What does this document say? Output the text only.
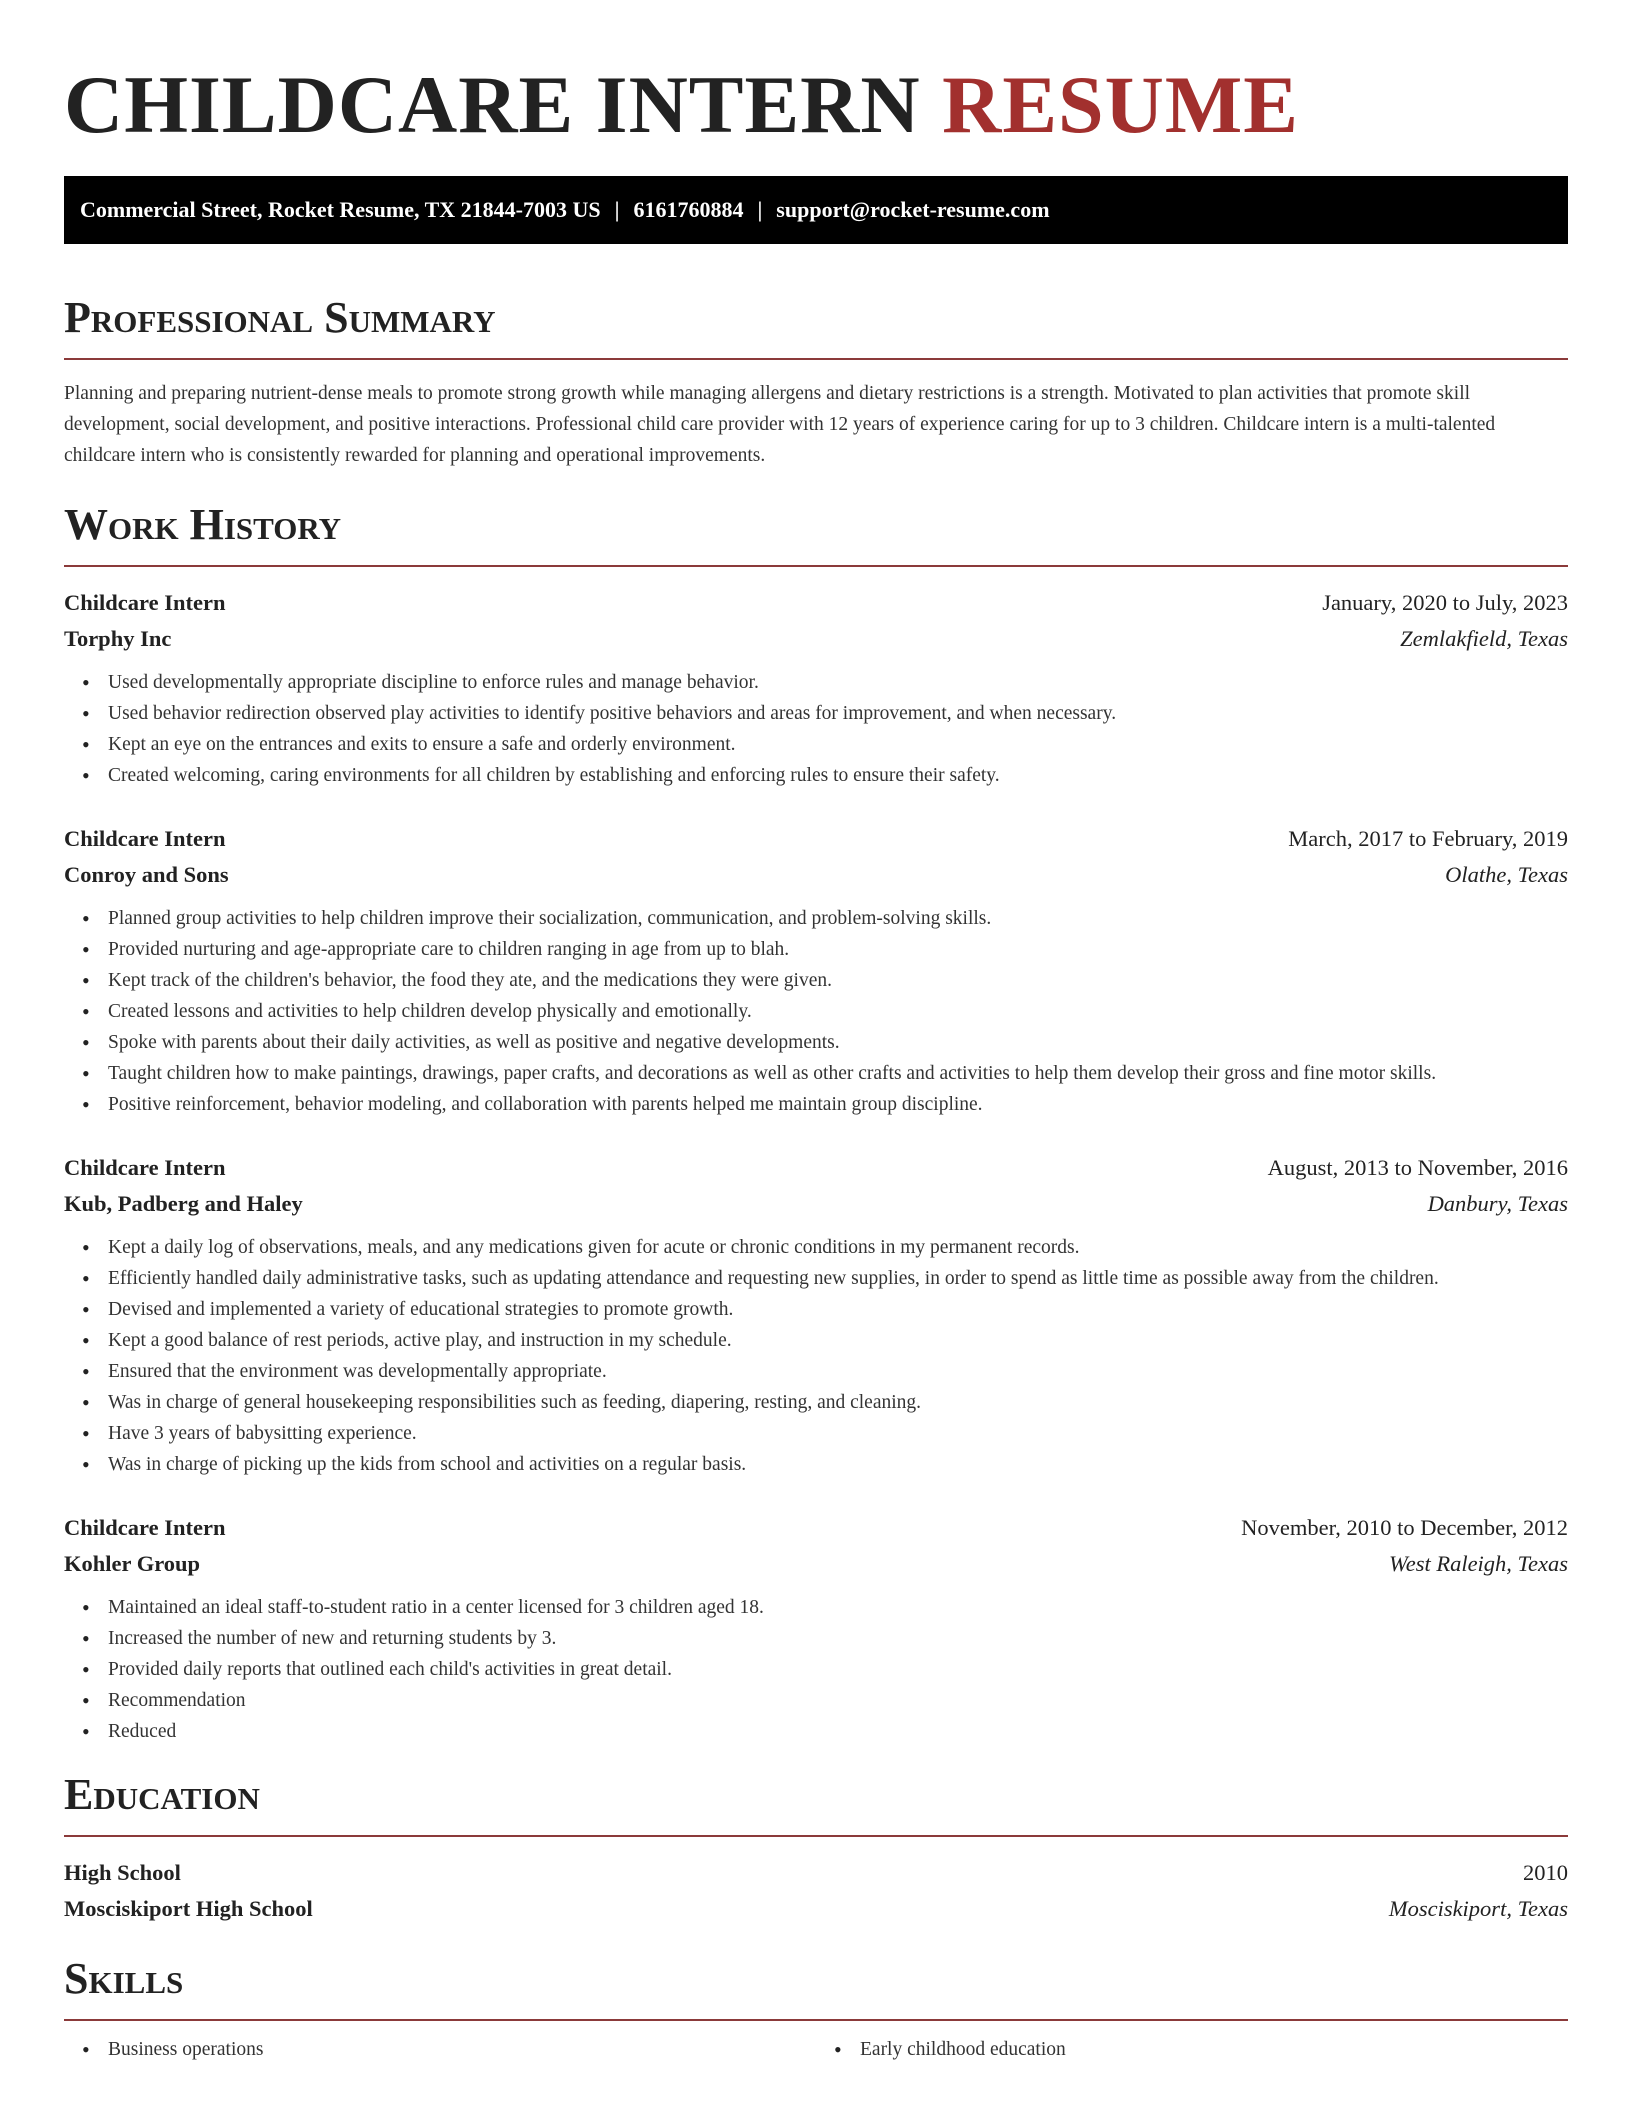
CHILDCARE INTERN RESUME
Commercial Street, Rocket Resume, TX 21844-7003 US | 6161760884 | support@rocket-resume.com
Professional Summary

Planning and preparing nutrient-dense meals to promote strong growth while managing allergens and dietary restrictions is a strength. Motivated to plan activities that promote skill development, social development, and positive interactions. Professional child care provider with 12 years of experience caring for up to 3 children. Childcare intern is a multi-talented childcare intern who is consistently rewarded for planning and operational improvements.

Work History
Childcare Intern	January, 2020 to July, 2023
Torphy Inc	Zemlakfield, Texas
• Used developmentally appropriate discipline to enforce rules and manage behavior.
• Used behavior redirection observed play activities to identify positive behaviors and areas for improvement, and when necessary.
• Kept an eye on the entrances and exits to ensure a safe and orderly environment.
• Created welcoming, caring environments for all children by establishing and enforcing rules to ensure their safety.
Childcare Intern	March, 2017 to February, 2019
Conroy and Sons	Olathe, Texas
• Planned group activities to help children improve their socialization, communication, and problem-solving skills.
• Provided nurturing and age-appropriate care to children ranging in age from up to blah.
• Kept track of the children's behavior, the food they ate, and the medications they were given.
• Created lessons and activities to help children develop physically and emotionally.
• Spoke with parents about their daily activities, as well as positive and negative developments.
• Taught children how to make paintings, drawings, paper crafts, and decorations as well as other crafts and activities to help them develop their gross and fine motor skills.
• Positive reinforcement, behavior modeling, and collaboration with parents helped me maintain group discipline.
Childcare Intern	August, 2013 to November, 2016
Kub, Padberg and Haley	Danbury, Texas
• Kept a daily log of observations, meals, and any medications given for acute or chronic conditions in my permanent records.
• Efficiently handled daily administrative tasks, such as updating attendance and requesting new supplies, in order to spend as little time as possible away from the children.
• Devised and implemented a variety of educational strategies to promote growth.
• Kept a good balance of rest periods, active play, and instruction in my schedule.
• Ensured that the environment was developmentally appropriate.
• Was in charge of general housekeeping responsibilities such as feeding, diapering, resting, and cleaning.
• Have 3 years of babysitting experience.
• Was in charge of picking up the kids from school and activities on a regular basis.
Childcare Intern	November, 2010 to December, 2012
Kohler Group	West Raleigh, Texas
• Maintained an ideal staff-to-student ratio in a center licensed for 3 children aged 18.
• Increased the number of new and returning students by 3.
• Provided daily reports that outlined each child's activities in great detail.
• Recommendation
• Reduced
Education
High School	2010
Mosciskiport High School	Mosciskiport, Texas
Skills
• Business operations
•	Early childhood education
